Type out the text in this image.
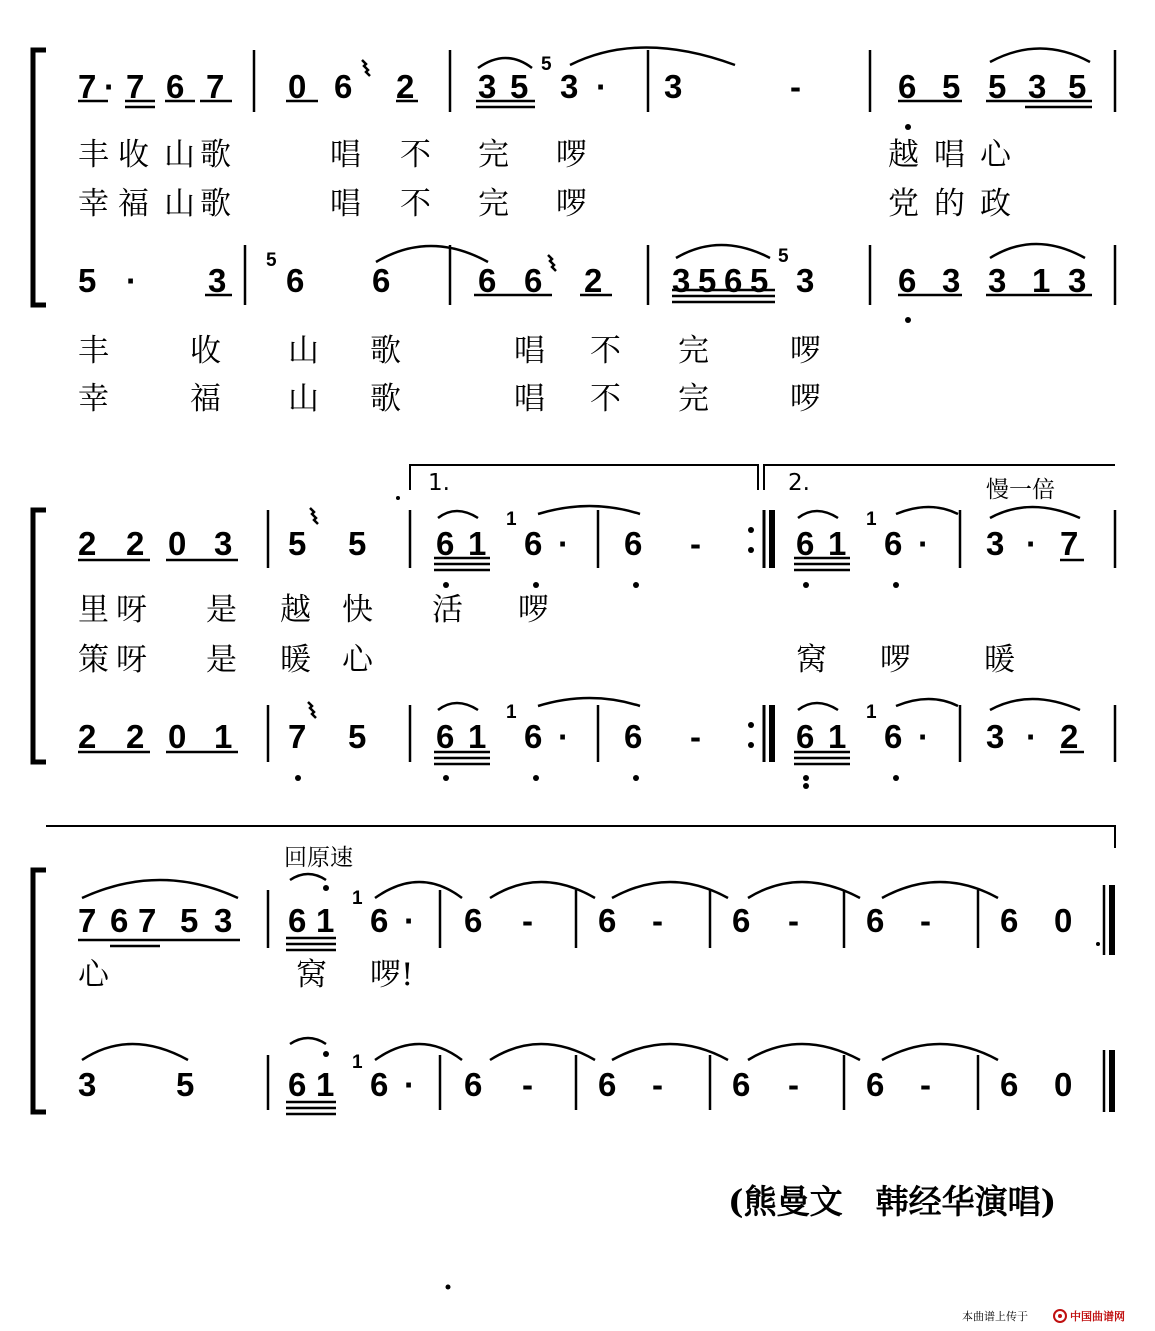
7 · 7 6 7 0 6 2 3 5
5
3 · 3	-	6 5 5 3 5
丰 收 山 歌	唱 不 完 啰	越 唱 心
幸 福 山 歌	唱 不 完 啰	党 的 政
5 · 3
5
6 6	6 6 2 3 5 6 5
5
3	6 3 3 1 3
丰	收 山 歌	唱 不 完	啰
幸	福 山 歌	唱 不 完	啰
1.	2.	慢一倍
2 2 0 3 5 5 6 1
1
6 · 6 -	6 1
1
6 · 3 · 7
里 呀 是 越 快 活 啰
策 呀 是 暖 心	窝 啰 暖
2 2 0 1 7 5 6 1
1
6 · 6 -	6 1
1
6 · 3 · 2
回原速
7 6 7 5 3 6 1
1
6 · 6 - 6 - 6 - 6 - 6 0
心	窝 啰!
3 5	6 1
1
6 · 6 - 6 - 6 - 6 - 6 0
(熊曼文　韩经华演唱)
本曲谱上传于	中国曲谱网
